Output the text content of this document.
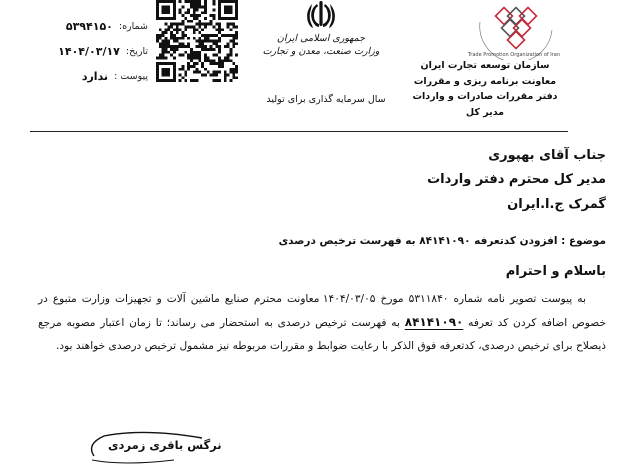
Trade Promotion Organization of Iran
سازمان توسعه تجارت ایران
معاونت برنامه ریزی و مقررات
دفتر مقررات صادرات و واردات
مدیر کل
جمهوری اسلامی ایران
وزارت صنعت، معدن و تجارت
سال سرمایه گذاری برای تولید
شماره:
۵۳۹۴۱۵۰
تاریخ:
۱۴۰۴/۰۳/۱۷
پیوست :
ندارد
جناب آقای بهپوری
مدیر کل محترم دفتر واردات
گمرک ج.ا.ایران
موضوع : افزودن کدتعرفه ۸۴۱۴۱۰۹۰ به فهرست ترخیص درصدی
باسلام و احترام
به پیوست تصویر نامه شماره ۵۳۱۱۸۴۰ مورخ ۱۴۰۴/۰۳/۰۵ معاونت محترم صنایع ماشین آلات و تجهیزات وزارت متبوع در خصوص اضافه کردن کد تعرفه ۸۴۱۴۱۰۹۰ به فهرست ترخیص درصدی به استحضار می رساند؛ تا زمان اعتبار مصوبه مرجع ذیصلاح برای ترخیص درصدی، کدتعرفه فوق الذکر با رعایت ضوابط و مقررات مربوطه نیز مشمول ترخیص درصدی خواهند بود.
نرگس باقری زمردی
